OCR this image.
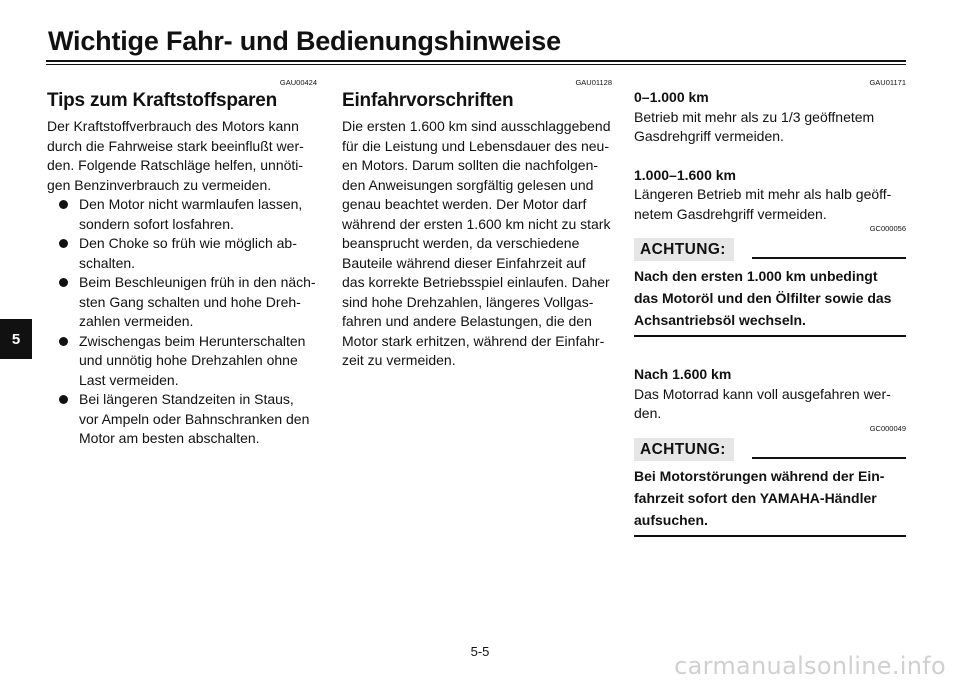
Wichtige Fahr- und Bedienungshinweise
5
GAU00424
Tips zum Kraftstoffsparen
Der Kraftstoffverbrauch des Motors kann
durch die Fahrweise stark beeinflußt wer-
den. Folgende Ratschläge helfen, unnöti-
gen Benzinverbrauch zu vermeiden.
Den Motor nicht warmlaufen lassen,
sondern sofort losfahren.
Den Choke so früh wie möglich ab-
schalten.
Beim Beschleunigen früh in den näch-
sten Gang schalten und hohe Dreh-
zahlen vermeiden.
Zwischengas beim Herunterschalten
und unnötig hohe Drehzahlen ohne
Last vermeiden.
Bei längeren Standzeiten in Staus,
vor Ampeln oder Bahnschranken den
Motor am besten abschalten.
GAU01128
Einfahrvorschriften
Die ersten 1.600 km sind ausschlaggebend
für die Leistung und Lebensdauer des neu-
en Motors. Darum sollten die nachfolgen-
den Anweisungen sorgfältig gelesen und
genau beachtet werden. Der Motor darf
während der ersten 1.600 km nicht zu stark
beansprucht werden, da verschiedene
Bauteile während dieser Einfahrzeit auf
das korrekte Betriebsspiel einlaufen. Daher
sind hohe Drehzahlen, längeres Vollgas-
fahren und andere Belastungen, die den
Motor stark erhitzen, während der Einfahr-
zeit zu vermeiden.
GAU01171
0–1.000 km
Betrieb mit mehr als zu 1/3 geöffnetem
Gasdrehgriff vermeiden.
1.000–1.600 km
Längeren Betrieb mit mehr als halb geöff-
netem Gasdrehgriff vermeiden.
GC000056
ACHTUNG:
Nach den ersten 1.000 km unbedingt
das Motoröl und den Ölfilter sowie das
Achsantriebsöl wechseln.
Nach 1.600 km
Das Motorrad kann voll ausgefahren wer-
den.
GC000049
ACHTUNG:
Bei Motorstörungen während der Ein-
fahrzeit sofort den YAMAHA-Händler
aufsuchen.
5-5
carmanualsonline.info
